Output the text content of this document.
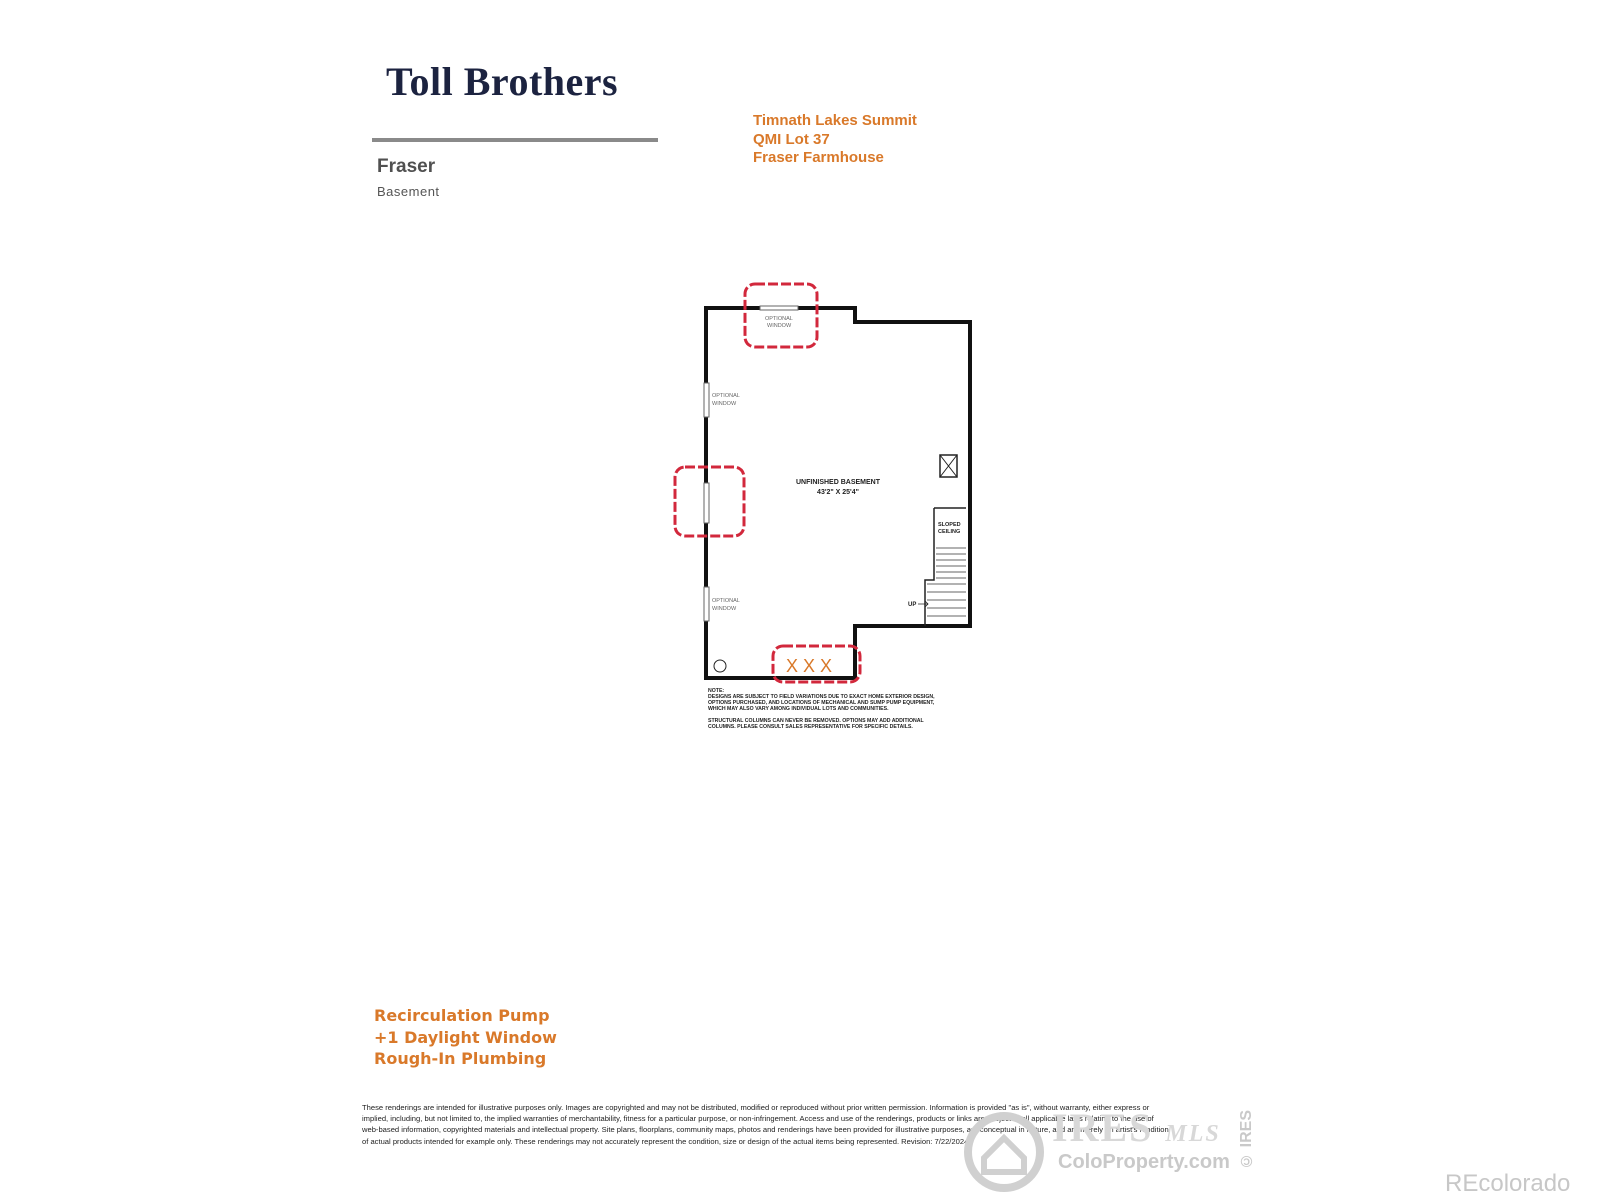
Toll Brothers
Fraser
Basement
Timnath Lakes Summit
QMI Lot 37
Fraser Farmhouse
OPTIONAL
WINDOW
OPTIONAL
WINDOW
OPTIONAL
WINDOW
UNFINISHED BASEMENT
43'2" X 25'4"
SLOPED
CEILING
UP
X X X
NOTE:
DESIGNS ARE SUBJECT TO FIELD VARIATIONS DUE TO EXACT HOME EXTERIOR DESIGN,
OPTIONS PURCHASED, AND LOCATIONS OF MECHANICAL AND SUMP PUMP EQUIPMENT,
WHICH MAY ALSO VARY AMONG INDIVIDUAL LOTS AND COMMUNITIES.
STRUCTURAL COLUMNS CAN NEVER BE REMOVED. OPTIONS MAY ADD ADDITIONAL
COLUMNS. PLEASE CONSULT SALES REPRESENTATIVE FOR SPECIFIC DETAILS.
Recirculation Pump
+1 Daylight Window
Rough-In Plumbing
These renderings are intended for illustrative purposes only. Images are copyrighted and may not be distributed, modified or reproduced without prior written permission. Information is provided "as is", without warranty, either express or implied, including, but not limited to, the implied warranties of merchantability, fitness for a particular purpose, or non-infringement. Access and use of the renderings, products or links are subject to all applicable laws relating to the use of web-based information, copyrighted materials and intellectual property. Site plans, floorplans, community maps, photos and renderings have been provided for illustrative purposes, are conceptual in nature, and are merely an artist's rendition of actual products intended for example only. These renderings may not accurately represent the condition, size or design of the actual items being represented. Revision: 7/22/2024	IRES MLS
ColoProperty.com © IRES
REcolorado
